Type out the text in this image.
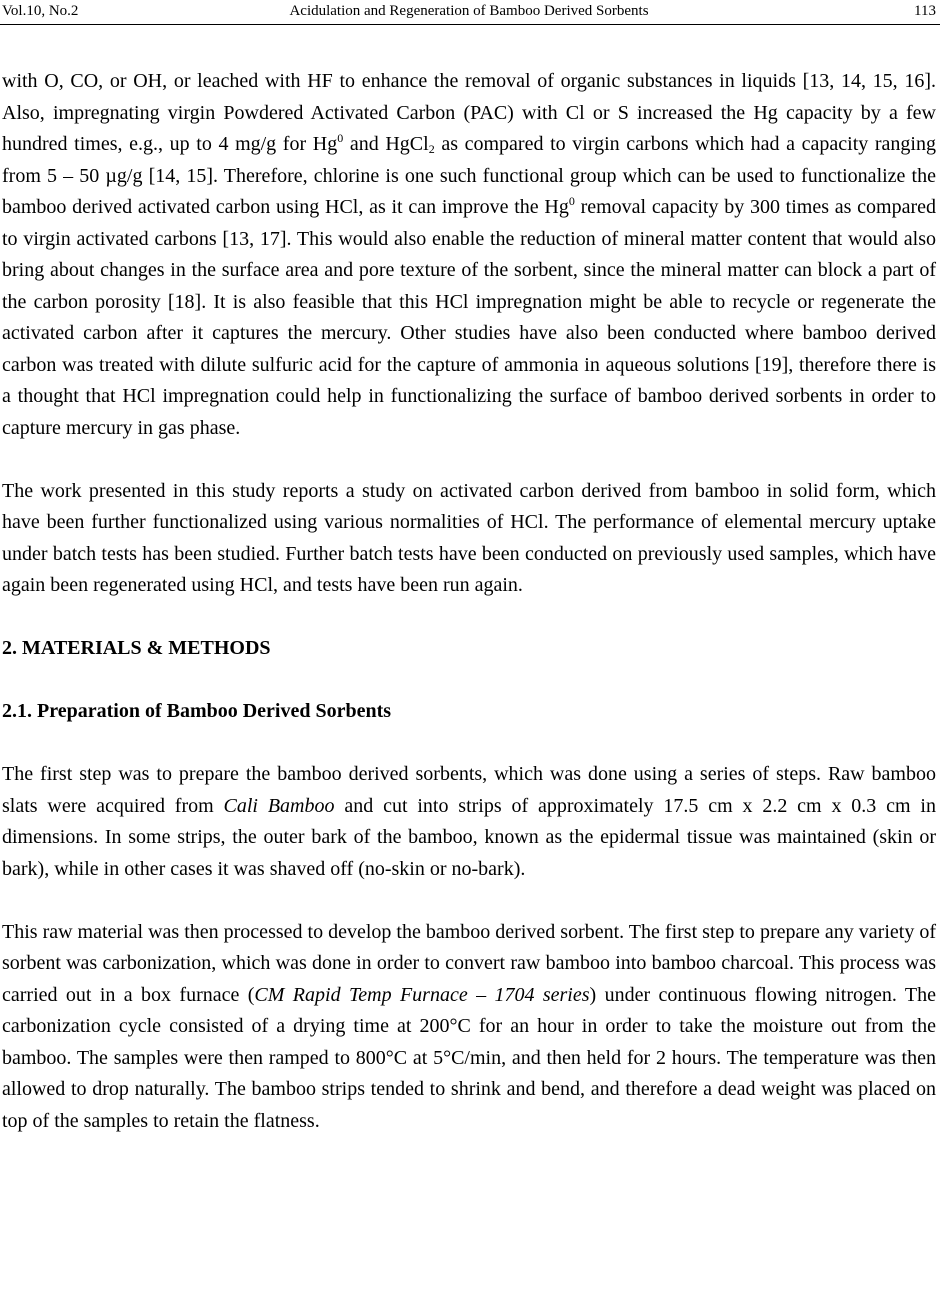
Vol.10, No.2	Acidulation and Regeneration of Bamboo Derived Sorbents	113

with O, CO, or OH, or leached with HF to enhance the removal of organic substances in liquids [13, 14, 15, 16]. Also, impregnating virgin Powdered Activated Carbon (PAC) with Cl or S increased the Hg capacity by a few hundred times, e.g., up to 4 mg/g for Hg$^0$ and HgCl$_2$ as compared to virgin carbons which had a capacity ranging from 5 – 50 µg/g [14, 15]. Therefore, chlorine is one such functional group which can be used to functionalize the bamboo derived activated carbon using HCl, as it can improve the Hg$^0$ removal capacity by 300 times as compared to virgin activated carbons [13, 17]. This would also enable the reduction of mineral matter content that would also bring about changes in the surface area and pore texture of the sorbent, since the mineral matter can block a part of the carbon porosity [18]. It is also feasible that this HCl impregnation might be able to recycle or regenerate the activated carbon after it captures the mercury. Other studies have also been conducted where bamboo derived carbon was treated with dilute sulfuric acid for the capture of ammonia in aqueous solutions [19], therefore there is a thought that HCl impregnation could help in functionalizing the surface of bamboo derived sorbents in order to capture mercury in gas phase.

The work presented in this study reports a study on activated carbon derived from bamboo in solid form, which have been further functionalized using various normalities of HCl. The performance of elemental mercury uptake under batch tests has been studied. Further batch tests have been conducted on previously used samples, which have again been regenerated using HCl, and tests have been run again.

2. MATERIALS & METHODS
2.1. Preparation of Bamboo Derived Sorbents

The first step was to prepare the bamboo derived sorbents, which was done using a series of steps. Raw bamboo slats were acquired from Cali Bamboo and cut into strips of approximately 17.5 cm x 2.2 cm x 0.3 cm in dimensions. In some strips, the outer bark of the bamboo, known as the epidermal tissue was maintained (skin or bark), while in other cases it was shaved off (no-skin or no-bark).

This raw material was then processed to develop the bamboo derived sorbent. The first step to prepare any variety of sorbent was carbonization, which was done in order to convert raw bamboo into bamboo charcoal. This process was carried out in a box furnace (CM Rapid Temp Furnace – 1704 series) under continuous flowing nitrogen. The carbonization cycle consisted of a drying time at 200°C for an hour in order to take the moisture out from the bamboo. The samples were then ramped to 800°C at 5°C/min, and then held for 2 hours. The temperature was then allowed to drop naturally. The bamboo strips tended to shrink and bend, and therefore a dead weight was placed on top of the samples to retain the flatness.
